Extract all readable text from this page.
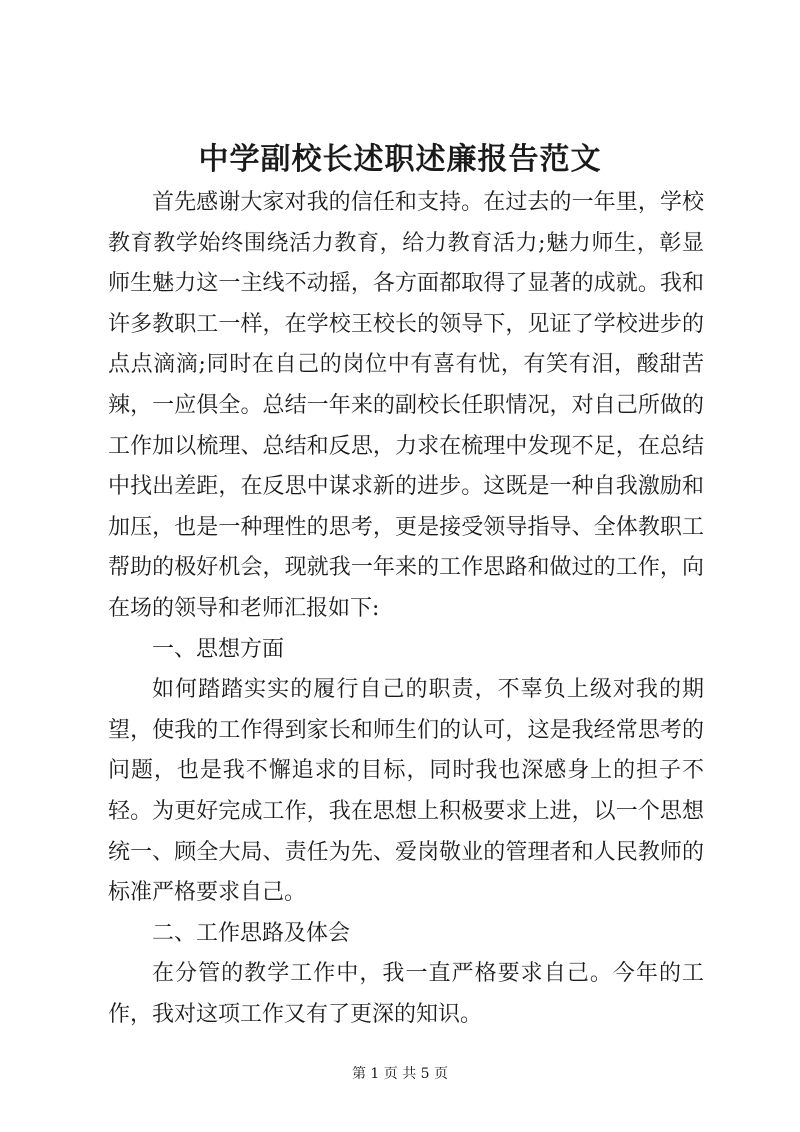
中学副校长述职述廉报告范文

首先感谢大家对我的信任和支持。在过去的一年里，学校教育教学始终围绕活力教育，给力教育活力;魅力师生，彰显师生魅力这一主线不动摇，各方面都取得了显著的成就。我和许多教职工一样，在学校王校长的领导下，见证了学校进步的点点滴滴;同时在自己的岗位中有喜有忧，有笑有泪，酸甜苦辣，一应俱全。总结一年来的副校长任职情况，对自己所做的工作加以梳理、总结和反思，力求在梳理中发现不足，在总结中找出差距，在反思中谋求新的进步。这既是一种自我激励和加压，也是一种理性的思考，更是接受领导指导、全体教职工帮助的极好机会，现就我一年来的工作思路和做过的工作，向在场的领导和老师汇报如下:

一、思想方面

如何踏踏实实的履行自己的职责，不辜负上级对我的期望，使我的工作得到家长和师生们的认可，这是我经常思考的问题，也是我不懈追求的目标，同时我也深感身上的担子不轻。为更好完成工作，我在思想上积极要求上进，以一个思想统一、顾全大局、责任为先、爱岗敬业的管理者和人民教师的标准严格要求自己。

二、工作思路及体会

在分管的教学工作中，我一直严格要求自己。今年的工作，我对这项工作又有了更深的知识。

第 1 页 共 5 页
